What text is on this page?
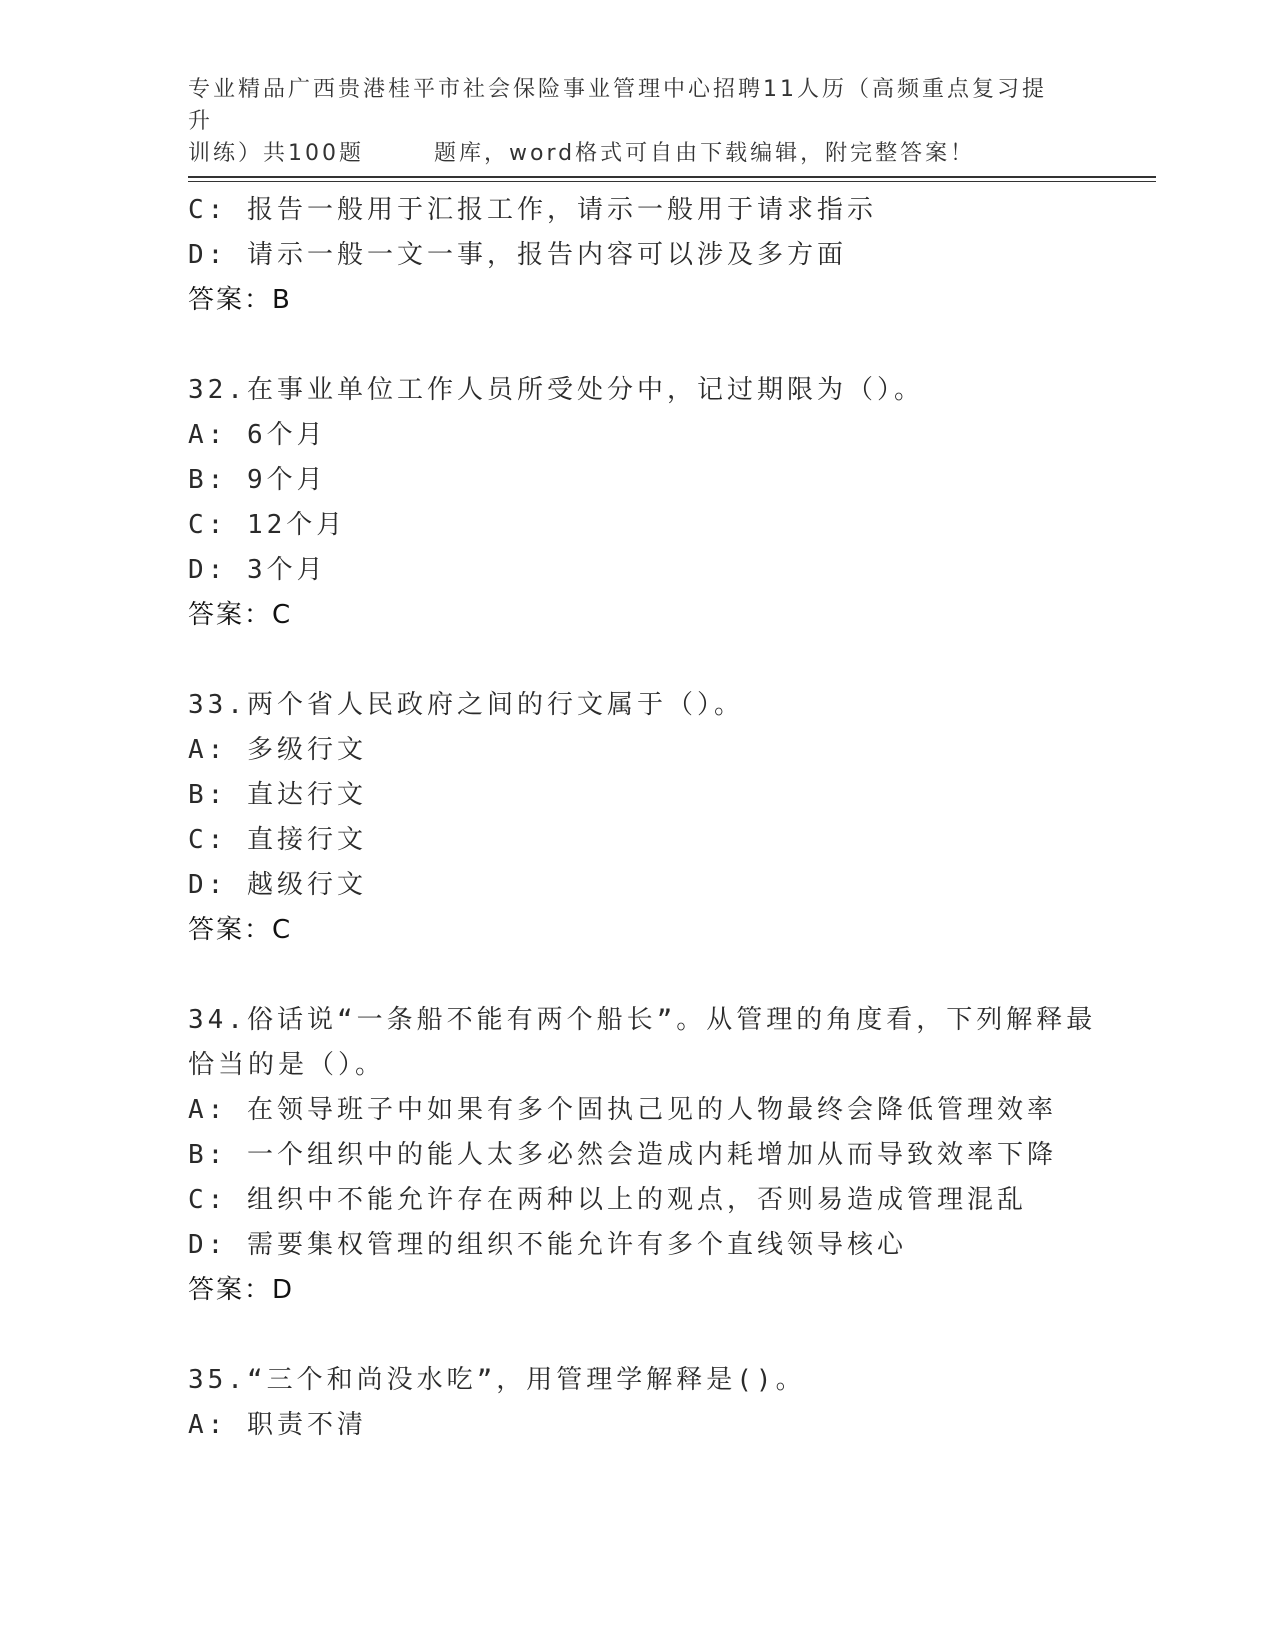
专业精品广西贵港桂平市社会保险事业管理中心招聘11人历（高频重点复习提升
训练）共100题	题库，word格式可自由下载编辑，附完整答案！
C: 报告一般用于汇报工作，请示一般用于请求指示
D: 请示一般一文一事，报告内容可以涉及多方面
答案：B
32.在事业单位工作人员所受处分中，记过期限为（）。
A: 6个月
B: 9个月
C: 12个月
D: 3个月
答案：C
33.两个省人民政府之间的行文属于（）。
A: 多级行文
B: 直达行文
C: 直接行文
D: 越级行文
答案：C
34.俗话说“一条船不能有两个船长”。从管理的角度看，下列解释最
恰当的是（）。
A: 在领导班子中如果有多个固执己见的人物最终会降低管理效率
B: 一个组织中的能人太多必然会造成内耗增加从而导致效率下降
C: 组织中不能允许存在两种以上的观点，否则易造成管理混乱
D: 需要集权管理的组织不能允许有多个直线领导核心
答案：D
35.“三个和尚没水吃”，用管理学解释是()。
A: 职责不清
